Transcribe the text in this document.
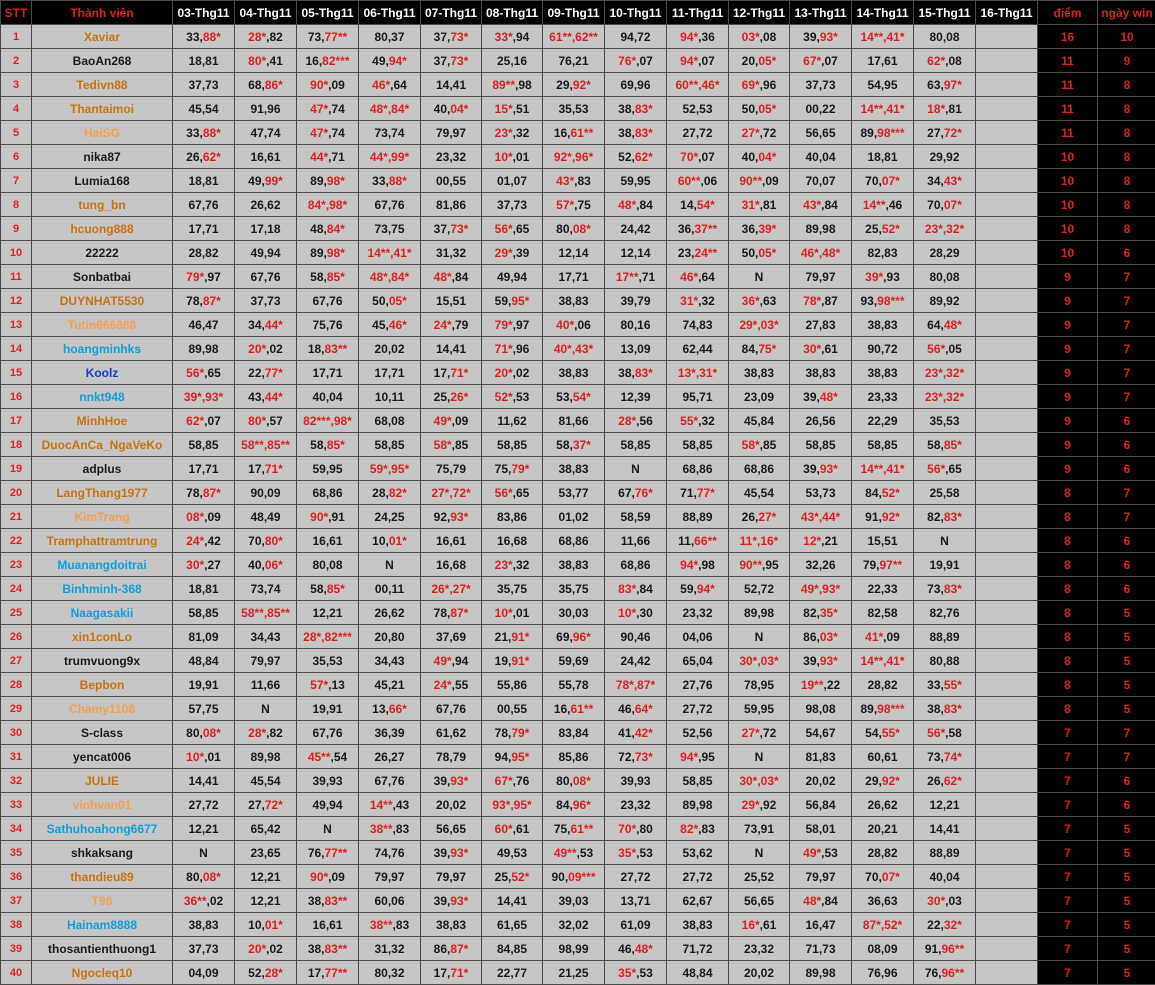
STT	Thành viên	03-Thg11	04-Thg11	05-Thg11	06-Thg11	07-Thg11	08-Thg11	09-Thg11	10-Thg11	11-Thg11	12-Thg11	13-Thg11	14-Thg11	15-Thg11	16-Thg11	điểm	ngày win
1	Xaviar	33,88*	28*,82	73,77**	80,37	37,73*	33*,94	61**,62**	94,72	94*,36	03*,08	39,93*	14**,41*	80,08		16	10
2	BaoAn268	18,81	80*,41	16,82***	49,94*	37,73*	25,16	76,21	76*,07	94*,07	20,05*	67*,07	17,61	62*,08		11	9
3	Tedivn88	37,73	68,86*	90*,09	46*,64	14,41	89**,98	29,92*	69,96	60**,46*	69*,96	37,73	54,95	63,97*		11	8
4	Thantaimoi	45,54	91,96	47*,74	48*,84*	40,04*	15*,51	35,53	38,83*	52,53	50,05*	00,22	14**,41*	18*,81		11	8
5	HaiSG	33,88*	47,74	47*,74	73,74	79,97	23*,32	16,61**	38,83*	27,72	27*,72	56,65	89,98***	27,72*		11	8
6	nika87	26,62*	16,61	44*,71	44*,99*	23,32	10*,01	92*,96*	52,62*	70*,07	40,04*	40,04	18,81	29,92		10	8
7	Lumia168	18,81	49,99*	89,98*	33,88*	00,55	01,07	43*,83	59,95	60**,06	90**,09	70,07	70,07*	34,43*		10	8
8	tung_bn	67,76	26,62	84*,98*	67,76	81,86	37,73	57*,75	48*,84	14,54*	31*,81	43*,84	14**,46	70,07*		10	8
9	hcuong888	17,71	17,18	48,84*	73,75	37,73*	56*,65	80,08*	24,42	36,37**	36,39*	89,98	25,52*	23*,32*		10	8
10	22222	28,82	49,94	89,98*	14**,41*	31,32	29*,39	12,14	12,14	23,24**	50,05*	46*,48*	82,83	28,29		10	6
11	Sonbatbai	79*,97	67,76	58,85*	48*,84*	48*,84	49,94	17,71	17**,71	46*,64	N	79,97	39*,93	80,08		9	7
12	DUYNHAT5530	78,87*	37,73	67,76	50,05*	15,51	59,95*	38,83	39,79	31*,32	36*,63	78*,87	93,98***	89,92		9	7
13	Tutin666888	46,47	34,44*	75,76	45,46*	24*,79	79*,97	40*,06	80,16	74,83	29*,03*	27,83	38,83	64,48*		9	7
14	hoangminhks	89,98	20*,02	18,83**	20,02	14,41	71*,96	40*,43*	13,09	62,44	84,75*	30*,61	90,72	56*,05		9	7
15	Koolz	56*,65	22,77*	17,71	17,71	17,71*	20*,02	38,83	38,83*	13*,31*	38,83	38,83	38,83	23*,32*		9	7
16	nnkt948	39*,93*	43,44*	40,04	10,11	25,26*	52*,53	53,54*	12,39	95,71	23,09	39,48*	23,33	23*,32*		9	7
17	MinhHoe	62*,07	80*,57	82***,98*	68,08	49*,09	11,62	81,66	28*,56	55*,32	45,84	26,56	22,29	35,53		9	6
18	DuocAnCa_NgaVeKo	58,85	58**,85**	58,85*	58,85	58*,85	58,85	58,37*	58,85	58,85	58*,85	58,85	58,85	58,85*		9	6
19	adplus	17,71	17,71*	59,95	59*,95*	75,79	75,79*	38,83	N	68,86	68,86	39,93*	14**,41*	56*,65		9	6
20	LangThang1977	78,87*	90,09	68,86	28,82*	27*,72*	56*,65	53,77	67,76*	71,77*	45,54	53,73	84,52*	25,58		8	7
21	KimTrang	08*,09	48,49	90*,91	24,25	92,93*	83,86	01,02	58,59	88,89	26,27*	43*,44*	91,92*	82,83*		8	7
22	Tramphattramtrung	24*,42	70,80*	16,61	10,01*	16,61	16,68	68,86	11,66	11,66**	11*,16*	12*,21	15,51	N		8	6
23	Muanangdoitrai	30*,27	40,06*	80,08	N	16,68	23*,32	38,83	68,86	94*,98	90**,95	32,26	79,97**	19,91		8	6
24	Binhminh-368	18,81	73,74	58,85*	00,11	26*,27*	35,75	35,75	83*,84	59,94*	52,72	49*,93*	22,33	73,83*		8	6
25	Naagasakii	58,85	58**,85**	12,21	26,62	78,87*	10*,01	30,03	10*,30	23,32	89,98	82,35*	82,58	82,76		8	5
26	xin1conLo	81,09	34,43	28*,82***	20,80	37,69	21,91*	69,96*	90,46	04,06	N	86,03*	41*,09	88,89		8	5
27	trumvuong9x	48,84	79,97	35,53	34,43	49*,94	19,91*	59,69	24,42	65,04	30*,03*	39,93*	14**,41*	80,88		8	5
28	Bepbon	19,91	11,66	57*,13	45,21	24*,55	55,86	55,78	78*,87*	27,76	78,95	19**,22	28,82	33,55*		8	5
29	Chamy1108	57,75	N	19,91	13,66*	67,76	00,55	16,61**	46,64*	27,72	59,95	98,08	89,98***	38,83*		8	5
30	S-class	80,08*	28*,82	67,76	36,39	61,62	78,79*	83,84	41,42*	52,56	27*,72	54,67	54,55*	56*,58		7	7
31	yencat006	10*,01	89,98	45**,54	26,27	78,79	94,95*	85,86	72,73*	94*,95	N	81,83	60,61	73,74*		7	7
32	JULIE	14,41	45,54	39,93	67,76	39,93*	67*,76	80,08*	39,93	58,85	30*,03*	20,02	29,92*	26,62*		7	6
33	vinhvan01	27,72	27,72*	49,94	14**,43	20,02	93*,95*	84,96*	23,32	89,98	29*,92	56,84	26,62	12,21		7	6
34	Sathuhoahong6677	12,21	65,42	N	38**,83	56,65	60*,61	75,61**	70*,80	82*,83	73,91	58,01	20,21	14,41		7	5
35	shkaksang	N	23,65	76,77**	74,76	39,93*	49,53	49**,53	35*,53	53,62	N	49*,53	28,82	88,89		7	5
36	thandieu89	80,08*	12,21	90*,09	79,97	79,97	25,52*	90,09***	27,72	27,72	25,52	79,97	70,07*	40,04		7	5
37	T98	36**,02	12,21	38,83**	60,06	39,93*	14,41	39,03	13,71	62,67	56,65	48*,84	36,63	30*,03		7	5
38	Hainam8888	38,83	10,01*	16,61	38**,83	38,83	61,65	32,02	61,09	38,83	16*,61	16,47	87*,52*	22,32*		7	5
39	thosantienthuong1	37,73	20*,02	38,83**	31,32	86,87*	84,85	98,99	46,48*	71,72	23,32	71,73	08,09	91,96**		7	5
40	Ngocleq10	04,09	52,28*	17,77**	80,32	17,71*	22,77	21,25	35*,53	48,84	20,02	89,98	76,96	76,96**		7	5
